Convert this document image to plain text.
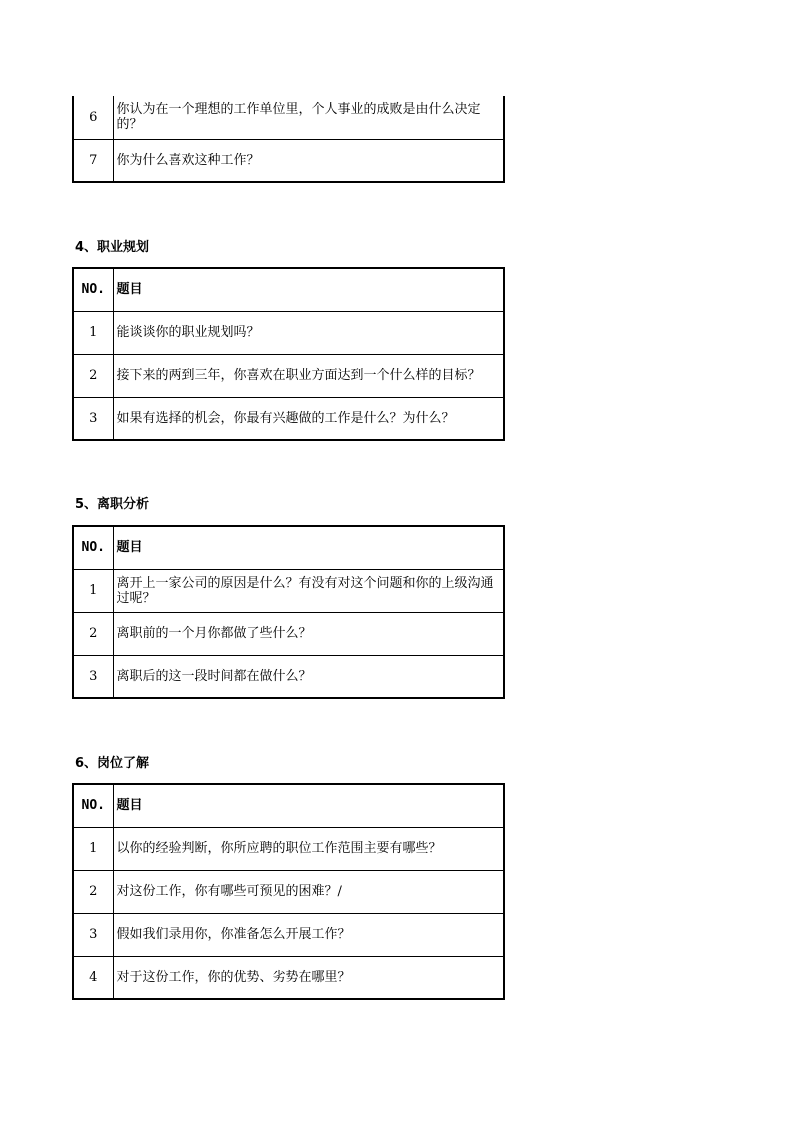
6	你认为在一个理想的工作单位里，个人事业的成败是由什么决定的？
7	你为什么喜欢这种工作？
4、职业规划
NO.	题目
1	能谈谈你的职业规划吗？
2	接下来的两到三年，你喜欢在职业方面达到一个什么样的目标？
3	如果有选择的机会，你最有兴趣做的工作是什么？为什么？
5、离职分析
NO.	题目
1	离开上一家公司的原因是什么？有没有对这个问题和你的上级沟通过呢？
2	离职前的一个月你都做了些什么？
3	离职后的这一段时间都在做什么？
6、岗位了解
NO.	题目
1	以你的经验判断，你所应聘的职位工作范围主要有哪些？
2	对这份工作，你有哪些可预见的困难？/
3	假如我们录用你，你准备怎么开展工作？
4	对于这份工作，你的优势、劣势在哪里？
